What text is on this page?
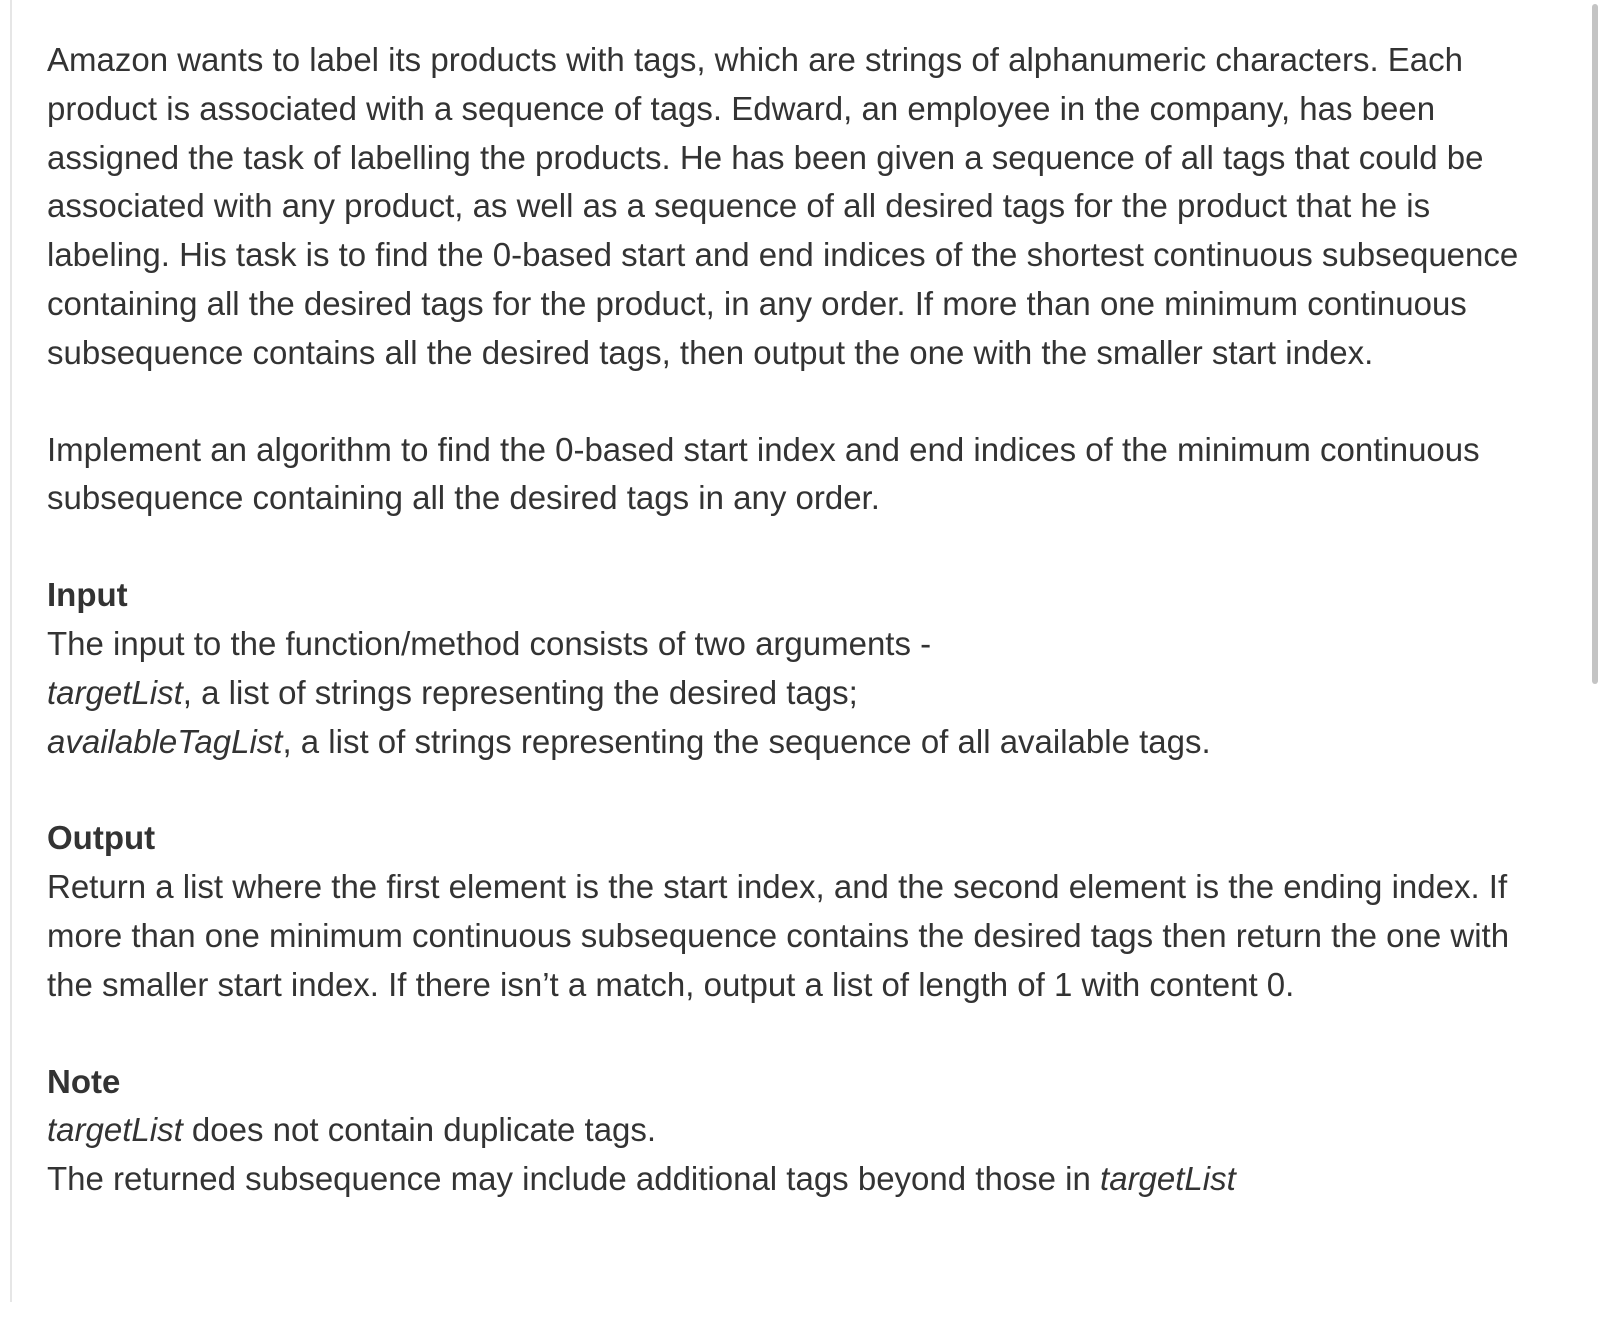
Amazon wants to label its products with tags, which are strings of alphanumeric characters. Each product is associated with a sequence of tags. Edward, an employee in the company, has been assigned the task of labelling the products. He has been given a sequence of all tags that could be associated with any product, as well as a sequence of all desired tags for the product that he is labeling. His task is to find the 0-based start and end indices of the shortest continuous subsequence containing all the desired tags for the product, in any order. If more than one minimum continuous subsequence contains all the desired tags, then output the one with the smaller start index.

Implement an algorithm to find the 0-based start index and end indices of the minimum continuous subsequence containing all the desired tags in any order.

Input
The input to the function/method consists of two arguments -
targetList, a list of strings representing the desired tags;
availableTagList, a list of strings representing the sequence of all available tags.

Output
Return a list where the first element is the start index, and the second element is the ending index. If more than one minimum continuous subsequence contains the desired tags then return the one with the smaller start index. If there isn’t a match, output a list of length of 1 with content 0.

Note
targetList does not contain duplicate tags.
The returned subsequence may include additional tags beyond those in targetList
